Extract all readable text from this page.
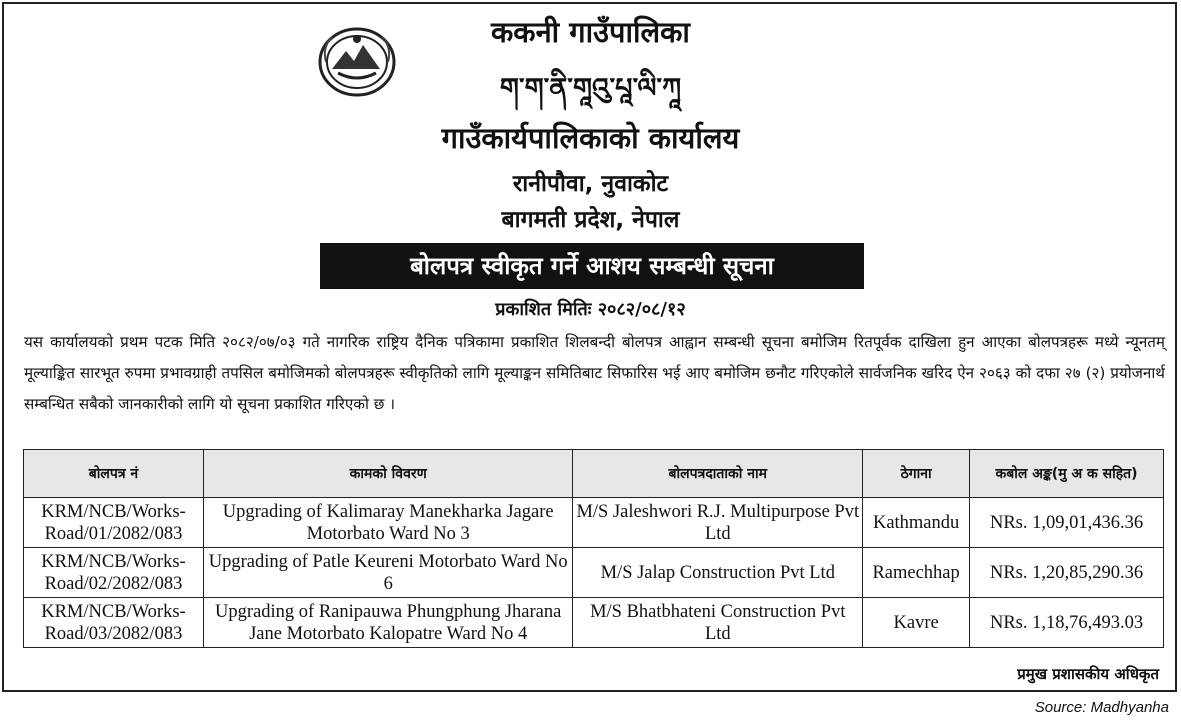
ककनी गाउँपालिका
ག་ག་ནི་གཱའུ་པཱ་ལི་ཀཱ
गाउँकार्यपालिकाको कार्यालय
रानीपौवा, नुवाकोट
बागमती प्रदेश, नेपाल
बोलपत्र स्वीकृत गर्ने आशय सम्बन्धी सूचना
प्रकाशित मितिः २०८२/०८/१२
यस कार्यालयको प्रथम पटक मिति २०८२/०७/०३ गते नागरिक राष्ट्रिय दैनिक पत्रिकामा प्रकाशित शिलबन्दी बोलपत्र आह्वान सम्बन्धी सूचना बमोजिम रितपूर्वक दाखिला हुन आएका बोलपत्रहरू मध्ये न्यूनतम् मूल्याङ्कित सारभूत रुपमा प्रभावग्राही तपसिल बमोजिमको बोलपत्रहरू स्वीकृतिको लागि मूल्याङ्कन समितिबाट सिफारिस भई आए बमोजिम छनौट गरिएकोले सार्वजनिक खरिद ऐन २०६३ को दफा २७ (२) प्रयोजनार्थ सम्बन्धित सबैको जानकारीको लागि यो सूचना प्रकाशित गरिएको छ ।
बोलपत्र नं	कामको विवरण	बोलपत्रदाताको नाम	ठेगाना	कबोल अङ्क(मु अ क सहित)
KRM/NCB/Works-Road/01/2082/083	Upgrading of Kalimaray Manekharka Jagare Motorbato Ward No 3	M/S Jaleshwori R.J. Multipurpose Pvt Ltd	Kathmandu	NRs. 1,09,01,436.36
KRM/NCB/Works-Road/02/2082/083	Upgrading of Patle Keureni Motorbato Ward No 6	M/S Jalap Construction Pvt Ltd	Ramechhap	NRs. 1,20,85,290.36
KRM/NCB/Works-Road/03/2082/083	Upgrading of Ranipauwa Phungphung Jharana Jane Motorbato Kalopatre Ward No 4	M/S Bhatbhateni Construction Pvt Ltd	Kavre	NRs. 1,18,76,493.03
प्रमुख प्रशासकीय अधिकृत
Source: Madhyanha
